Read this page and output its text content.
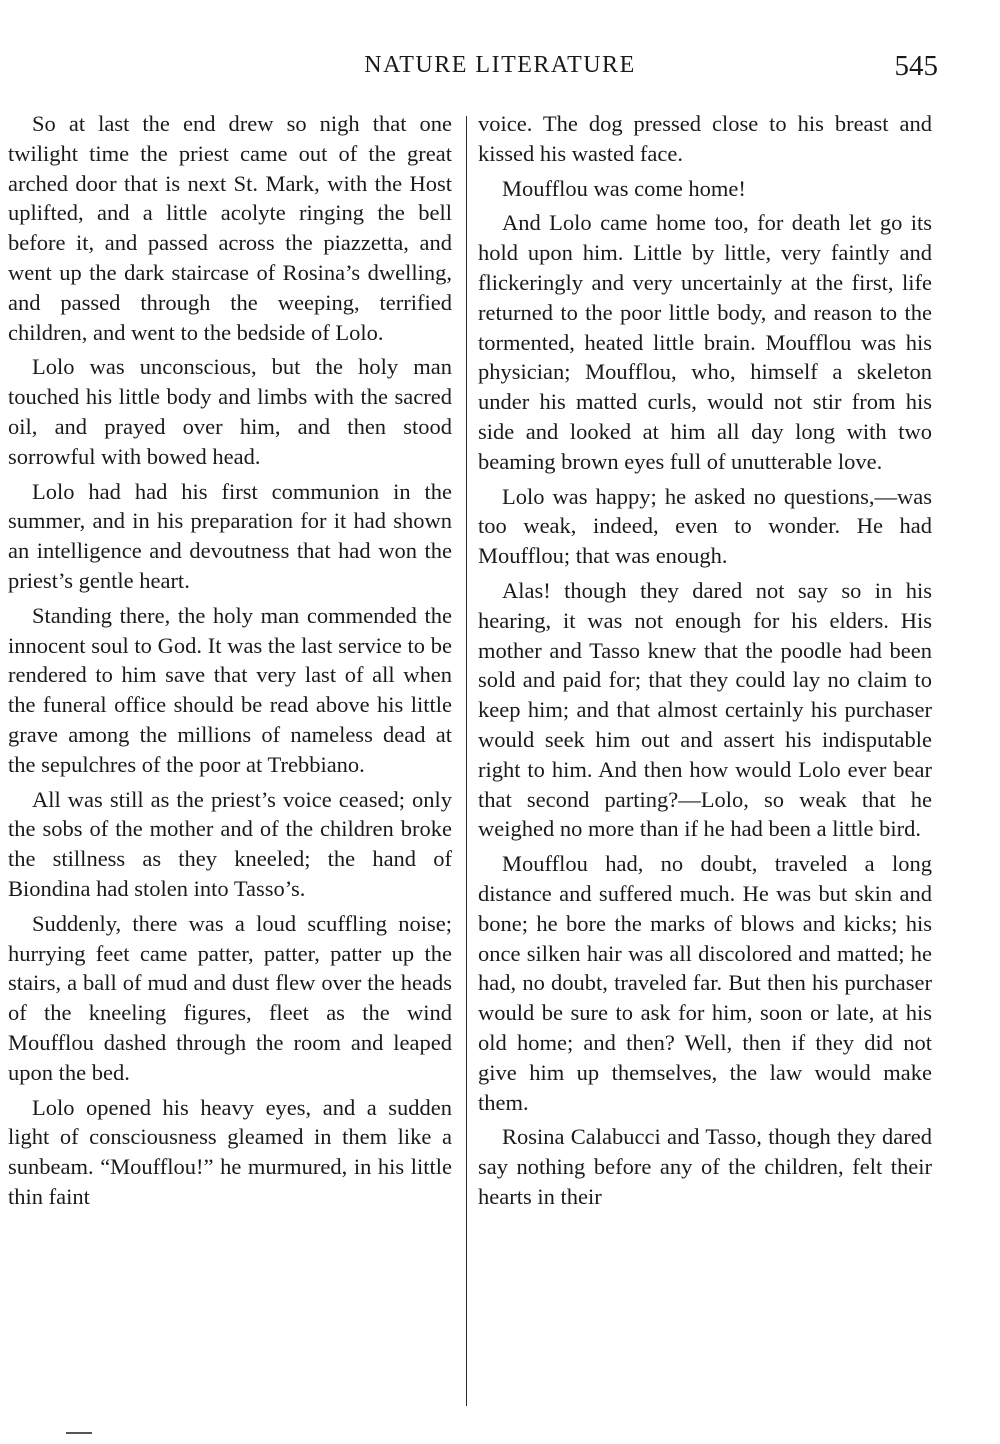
NATURE LITERATURE	545

So at last the end drew so nigh that one twilight time the priest came out of the great arched door that is next St. Mark, with the Host uplifted, and a little acolyte ringing the bell before it, and passed across the piazzetta, and went up the dark staircase of Rosina’s dwelling, and passed through the weeping, terrified children, and went to the bedside of Lolo.

Lolo was unconscious, but the holy man touched his little body and limbs with the sacred oil, and prayed over him, and then stood sorrowful with bowed head.

Lolo had had his first communion in the summer, and in his preparation for it had shown an intelligence and devoutness that had won the priest’s gentle heart.

Standing there, the holy man commended the innocent soul to God. It was the last service to be rendered to him save that very last of all when the funeral office should be read above his little grave among the millions of nameless dead at the sepulchres of the poor at Trebbiano.

All was still as the priest’s voice ceased; only the sobs of the mother and of the children broke the stillness as they kneeled; the hand of Biondina had stolen into Tasso’s.

Suddenly, there was a loud scuffling noise; hurrying feet came patter, patter, patter up the stairs, a ball of mud and dust flew over the heads of the kneeling figures, fleet as the wind Moufflou dashed through the room and leaped upon the bed.

Lolo opened his heavy eyes, and a sudden light of consciousness gleamed in them like a sunbeam. “Moufflou!” he murmured, in his little thin faint

voice. The dog pressed close to his breast and kissed his wasted face.

Moufflou was come home!

And Lolo came home too, for death let go its hold upon him. Little by little, very faintly and flickeringly and very uncertainly at the first, life returned to the poor little body, and reason to the tormented, heated little brain. Moufflou was his physician; Moufflou, who, himself a skeleton under his matted curls, would not stir from his side and looked at him all day long with two beaming brown eyes full of unutterable love.

Lolo was happy; he asked no questions,—was too weak, indeed, even to wonder. He had Moufflou; that was enough.

Alas! though they dared not say so in his hearing, it was not enough for his elders. His mother and Tasso knew that the poodle had been sold and paid for; that they could lay no claim to keep him; and that almost certainly his purchaser would seek him out and assert his indisputable right to him. And then how would Lolo ever bear that second parting?—Lolo, so weak that he weighed no more than if he had been a little bird.

Moufflou had, no doubt, traveled a long distance and suffered much. He was but skin and bone; he bore the marks of blows and kicks; his once silken hair was all discolored and matted; he had, no doubt, traveled far. But then his purchaser would be sure to ask for him, soon or late, at his old home; and then? Well, then if they did not give him up themselves, the law would make them.

Rosina Calabucci and Tasso, though they dared say nothing before any of the children, felt their hearts in their
